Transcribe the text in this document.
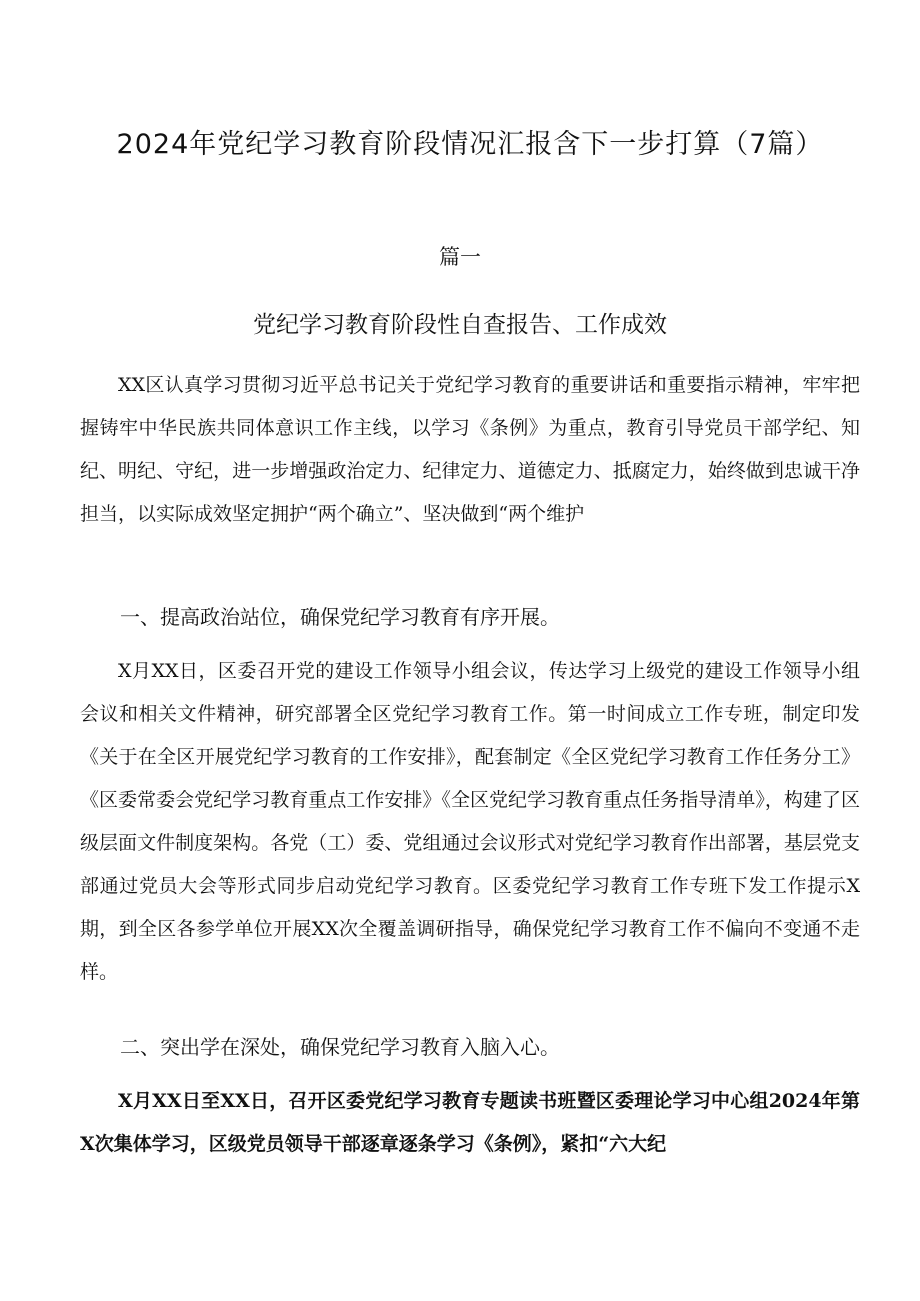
2024年党纪学习教育阶段情况汇报含下一步打算（7篇）
篇一
党纪学习教育阶段性自查报告、工作成效

XX区认真学习贯彻习近平总书记关于党纪学习教育的重要讲话和重要指示精神，牢牢把握铸牢中华民族共同体意识工作主线，以学习《条例》为重点，教育引导党员干部学纪、知纪、明纪、守纪，进一步增强政治定力、纪律定力、道德定力、抵腐定力，始终做到忠诚干净担当，以实际成效坚定拥护“两个确立”、坚决做到“两个维护

一、提高政治站位，确保党纪学习教育有序开展。

X月XX日，区委召开党的建设工作领导小组会议，传达学习上级党的建设工作领导小组会议和相关文件精神，研究部署全区党纪学习教育工作。第一时间成立工作专班，制定印发《关于在全区开展党纪学习教育的工作安排》，配套制定《全区党纪学习教育工作任务分工》《区委常委会党纪学习教育重点工作安排》《全区党纪学习教育重点任务指导清单》，构建了区级层面文件制度架构。各党（工）委、党组通过会议形式对党纪学习教育作出部署，基层党支部通过党员大会等形式同步启动党纪学习教育。区委党纪学习教育工作专班下发工作提示X期，到全区各参学单位开展XX次全覆盖调研指导，确保党纪学习教育工作不偏向不变通不走样。

二、突出学在深处，确保党纪学习教育入脑入心。

X月XX日至XX日，召开区委党纪学习教育专题读书班暨区委理论学习中心组2024年第X次集体学习，区级党员领导干部逐章逐条学习《条例》，紧扣“六大纪
